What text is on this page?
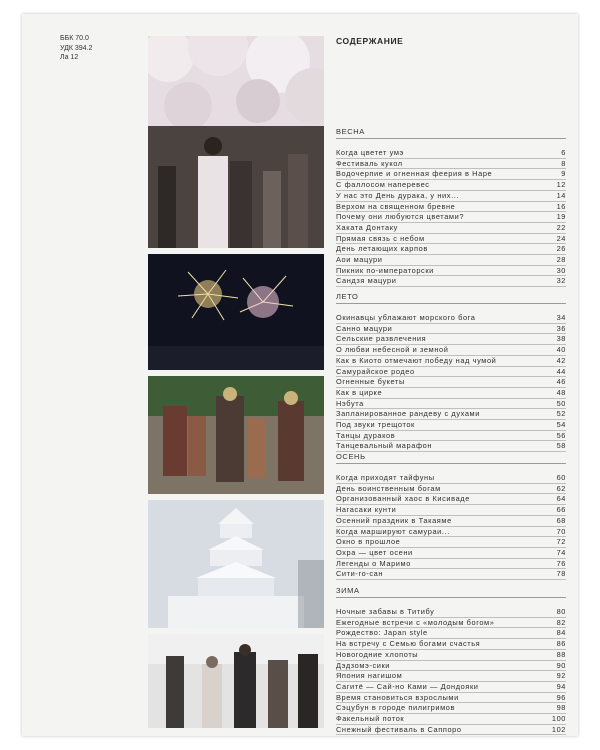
ББК 70.0
УДК 394.2
Ла 12
СОДЕРЖАНИЕ
ВЕСНА
Когда цветет умэ	6
Фестиваль кукол	8
Водочерпие и огненная феерия в Наре	9
С фаллосом наперевес	12
У нас это День дурака, у них...	14
Верхом на священном бревне	16
Почему они любуются цветами?	19
Хаката Донтаку	22
Прямая связь с небом	24
День летающих карпов	26
Аои мацури	28
Пикник по-императорски	30
Сандзя мацури	32
ЛЕТО
Окинавцы ублажают морского бога	34
Санно мацури	36
Сельские развлечения	38
О любви небесной и земной	40
Как в Киото отмечают победу над чумой	42
Самурайское родео	44
Огненные букеты	46
Как в цирке	48
Нэбута	50
Запланированное рандеву с духами	52
Под звуки трещоток	54
Танцы дураков	56
Танцевальный марафон	58
ОСЕНЬ
Когда приходят тайфуны	60
День воинственным богам	62
Организованный хаос в Кисивадe	64
Нагасаки кунти	66
Осенний праздник в Такаяме	68
Когда маршируют самураи...	70
Окно в прошлое	72
Охра — цвет осени	74
Легенды о Маримо	76
Сити-го-сан	78
ЗИМА
Ночные забавы в Титибу	80
Ежегодные встречи с «молодым богом»	82
Рождество: Japan style	84
На встречу с Семью богами счастья	86
Новогодние хлопоты	88
Дэдзомэ-сики	90
Япония нагишом	92
Сагитё — Сай-но Ками — Дондояки	94
Время становиться взрослыми	96
Сэцубун в городе пилигримов	98
Факельный поток	100
Снежный фестиваль в Саппоро	102
